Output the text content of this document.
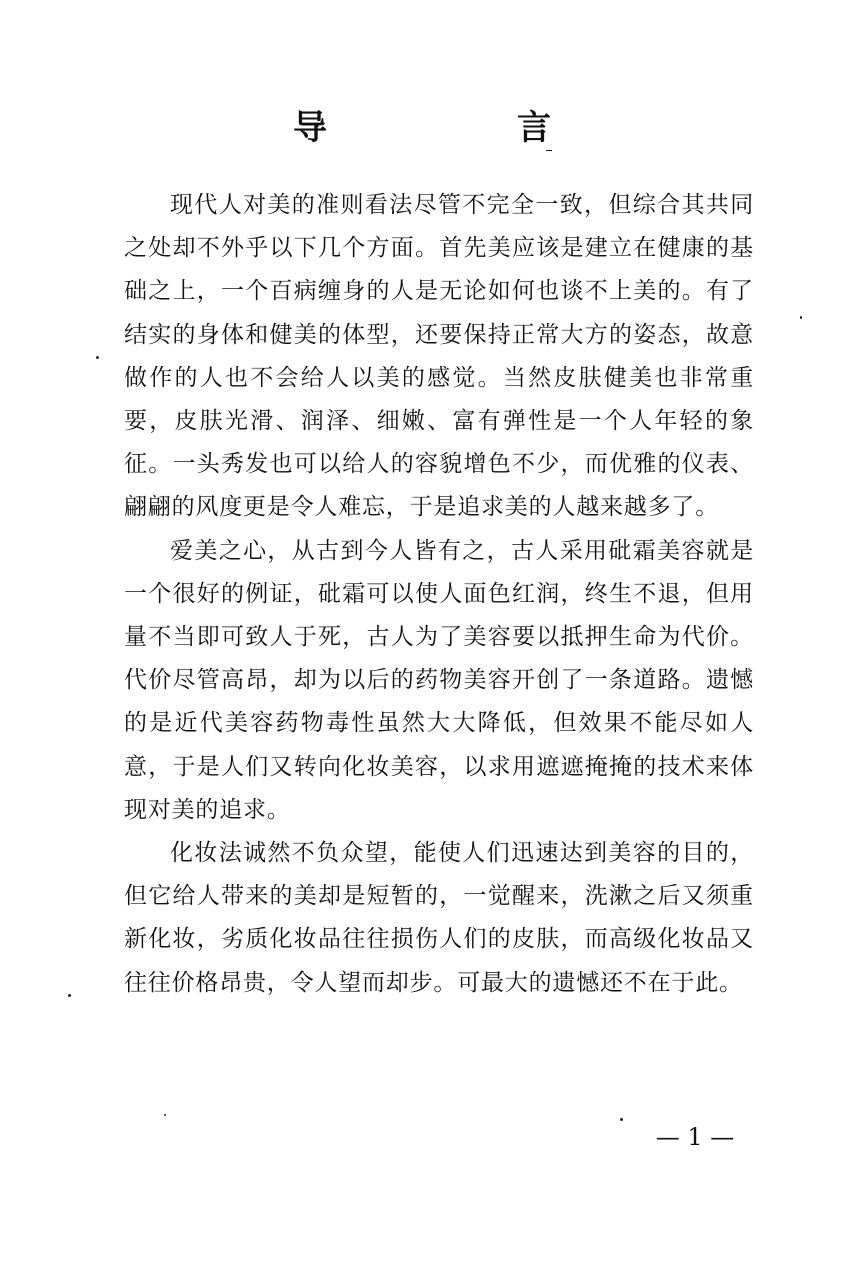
导　言

现代人对美的准则看法尽管不完全一致，但综合其共同之处却不外乎以下几个方面。首先美应该是建立在健康的基础之上，一个百病缠身的人是无论如何也谈不上美的。有了结实的身体和健美的体型，还要保持正常大方的姿态，故意做作的人也不会给人以美的感觉。当然皮肤健美也非常重要，皮肤光滑、润泽、细嫩、富有弹性是一个人年轻的象征。一头秀发也可以给人的容貌增色不少，而优雅的仪表、翩翩的风度更是令人难忘，于是追求美的人越来越多了。

爱美之心，从古到今人皆有之，古人采用砒霜美容就是一个很好的例证，砒霜可以使人面色红润，终生不退，但用量不当即可致人于死，古人为了美容要以抵押生命为代价。代价尽管高昂，却为以后的药物美容开创了一条道路。遗憾的是近代美容药物毒性虽然大大降低，但效果不能尽如人意，于是人们又转向化妆美容，以求用遮遮掩掩的技术来体现对美的追求。

化妆法诚然不负众望，能使人们迅速达到美容的目的，但它给人带来的美却是短暂的，一觉醒来，洗漱之后又须重新化妆，劣质化妆品往往损伤人们的皮肤，而高级化妆品又往往价格昂贵，令人望而却步。可最大的遗憾还不在于此。

— 1 —
